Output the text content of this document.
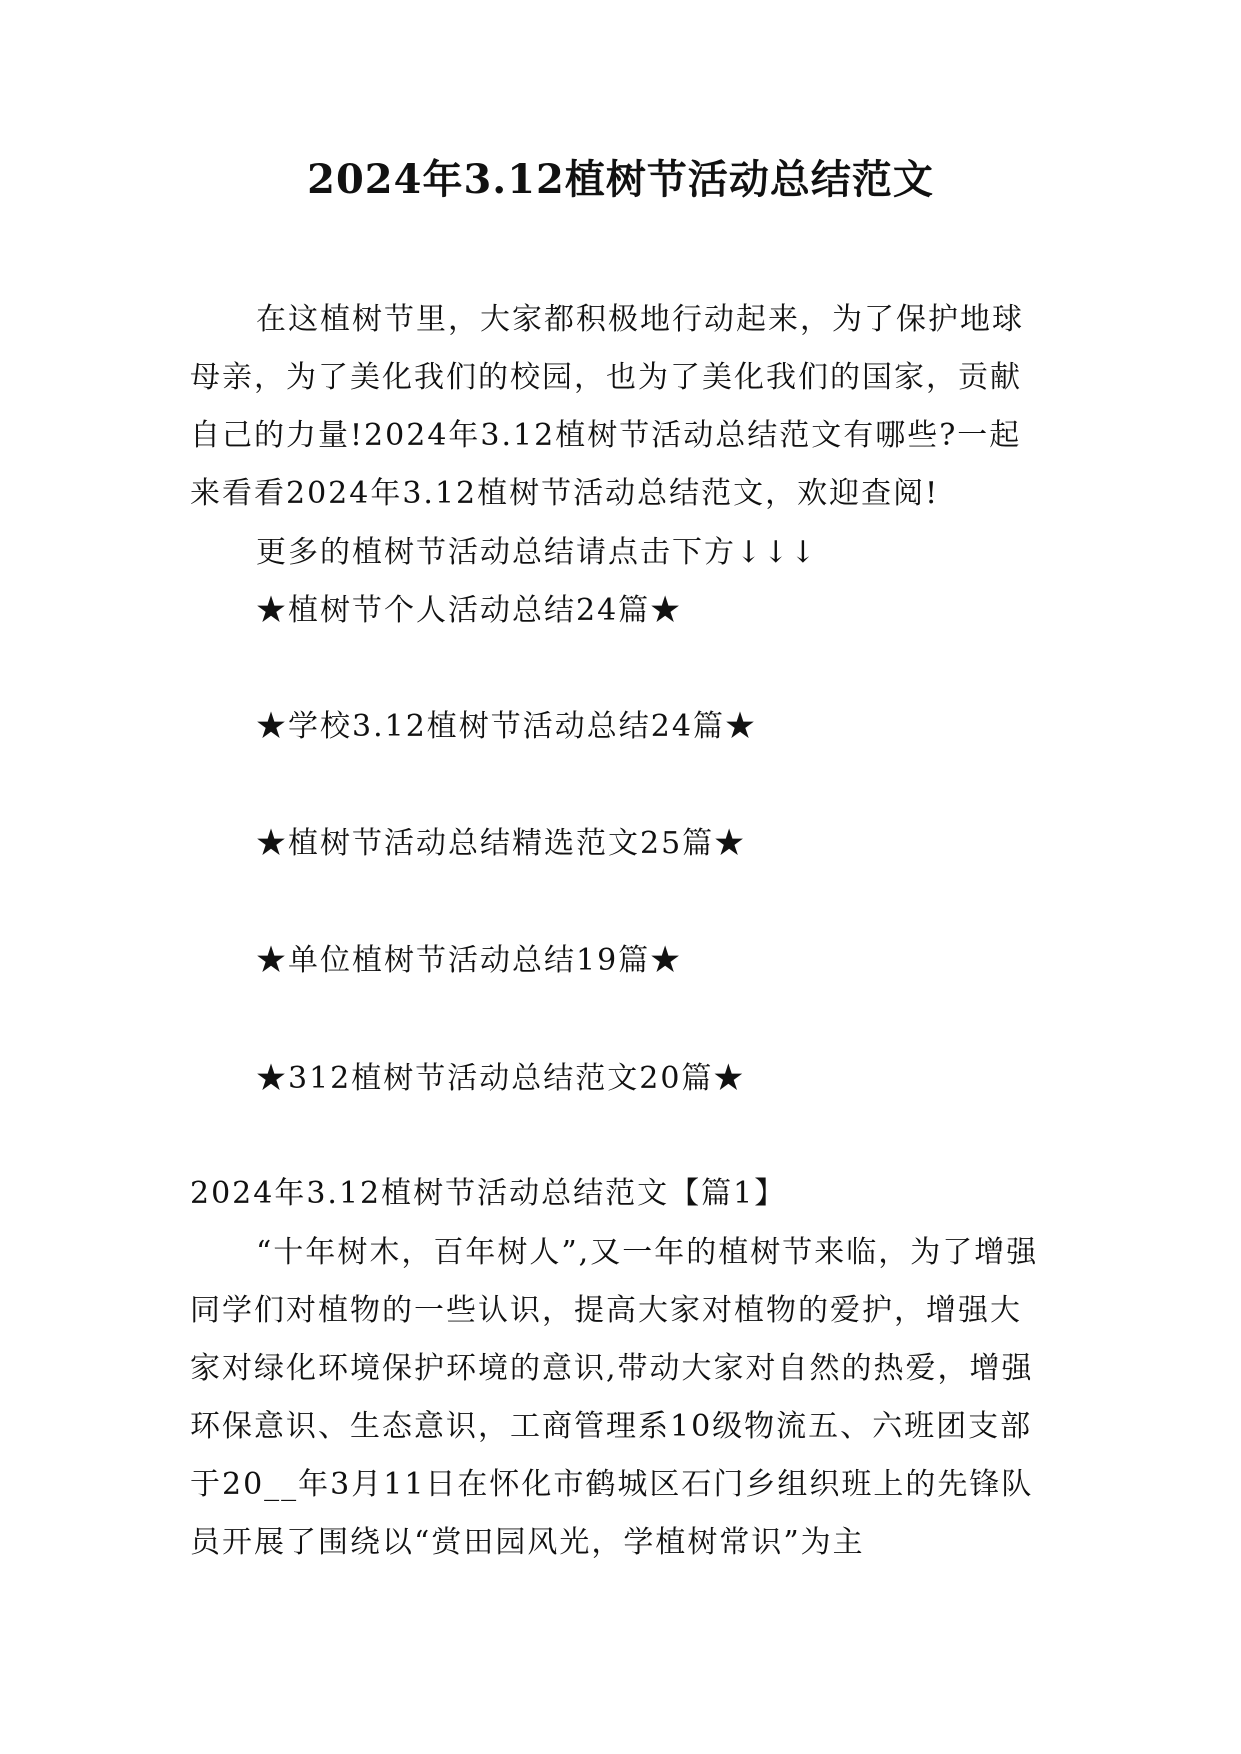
2024年3.12植树节活动总结范文
在这植树节里，大家都积极地行动起来，为了保护地球母亲，为了美化我们的校园，也为了美化我们的国家，贡献自己的力量!2024年3.12植树节活动总结范文有哪些?一起来看看2024年3.12植树节活动总结范文，欢迎查阅!
更多的植树节活动总结请点击下方↓↓↓
★植树节个人活动总结24篇★
★学校3.12植树节活动总结24篇★
★植树节活动总结精选范文25篇★
★单位植树节活动总结19篇★
★312植树节活动总结范文20篇★
2024年3.12植树节活动总结范文【篇1】
“十年树木，百年树人”,又一年的植树节来临，为了增强同学们对植物的一些认识，提高大家对植物的爱护，增强大家对绿化环境保护环境的意识,带动大家对自然的热爱，增强环保意识、生态意识，工商管理系10级物流五、六班团支部于20__年3月11日在怀化市鹤城区石门乡组织班上的先锋队员开展了围绕以“赏田园风光，学植树常识”为主
